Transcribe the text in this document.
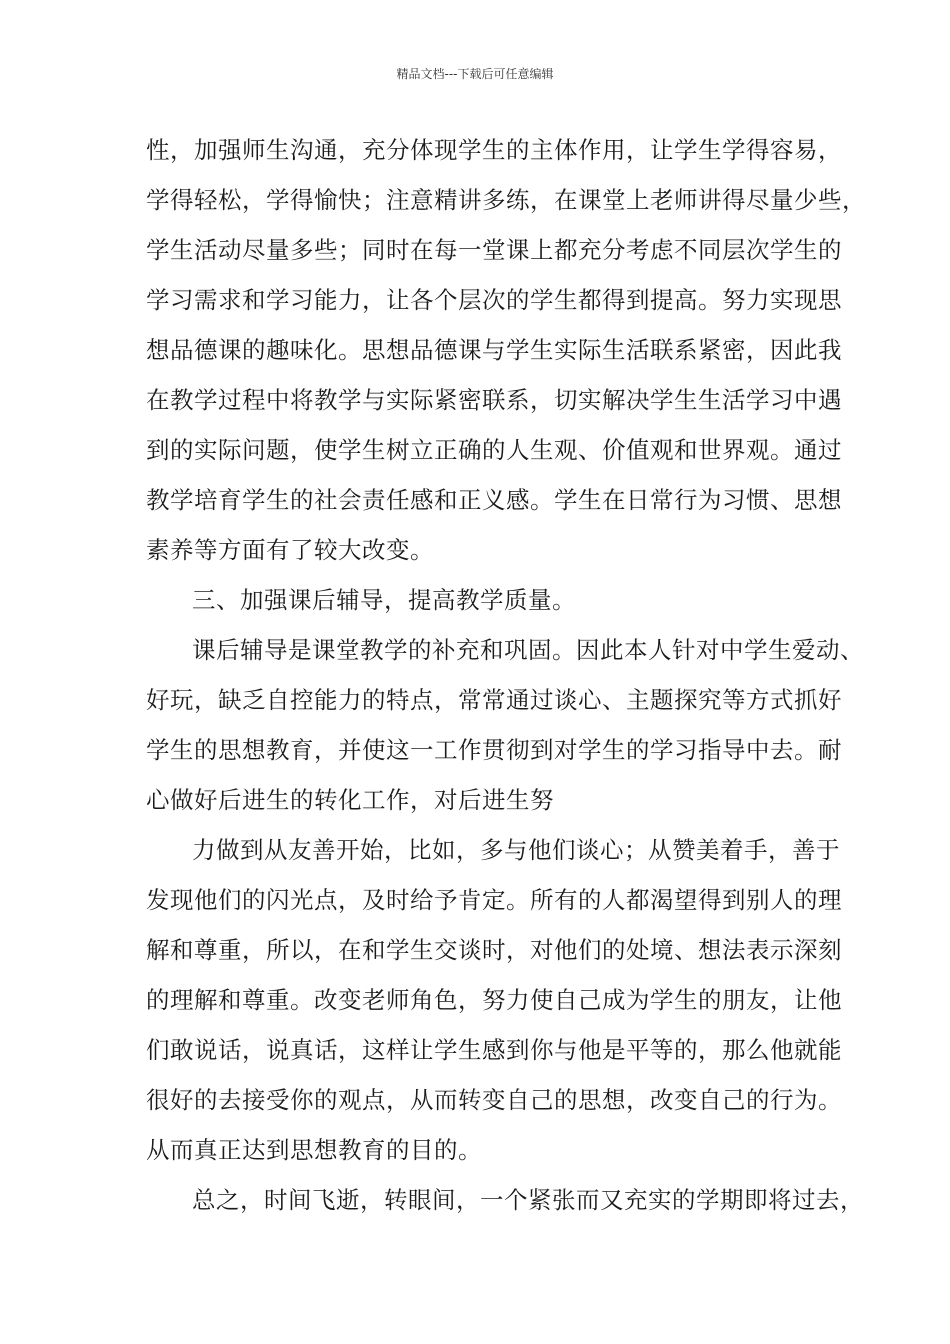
精品文档---下载后可任意编辑
性，加强师生沟通，充分体现学生的主体作用，让学生学得容易，
学得轻松，学得愉快；注意精讲多练，在课堂上老师讲得尽量少些，
学生活动尽量多些；同时在每一堂课上都充分考虑不同层次学生的
学习需求和学习能力，让各个层次的学生都得到提高。努力实现思
想品德课的趣味化。思想品德课与学生实际生活联系紧密，因此我
在教学过程中将教学与实际紧密联系，切实解决学生生活学习中遇
到的实际问题，使学生树立正确的人生观、价值观和世界观。通过
教学培育学生的社会责任感和正义感。学生在日常行为习惯、思想
素养等方面有了较大改变。
三、加强课后辅导，提高教学质量。
课后辅导是课堂教学的补充和巩固。因此本人针对中学生爱动、
好玩，缺乏自控能力的特点，常常通过谈心、主题探究等方式抓好
学生的思想教育，并使这一工作贯彻到对学生的学习指导中去。耐
心做好后进生的转化工作，对后进生努
力做到从友善开始，比如，多与他们谈心；从赞美着手，善于
发现他们的闪光点，及时给予肯定。所有的人都渴望得到别人的理
解和尊重，所以，在和学生交谈时，对他们的处境、想法表示深刻
的理解和尊重。改变老师角色，努力使自己成为学生的朋友，让他
们敢说话，说真话，这样让学生感到你与他是平等的，那么他就能
很好的去接受你的观点，从而转变自己的思想，改变自己的行为。
从而真正达到思想教育的目的。
总之，时间飞逝，转眼间，一个紧张而又充实的学期即将过去，
